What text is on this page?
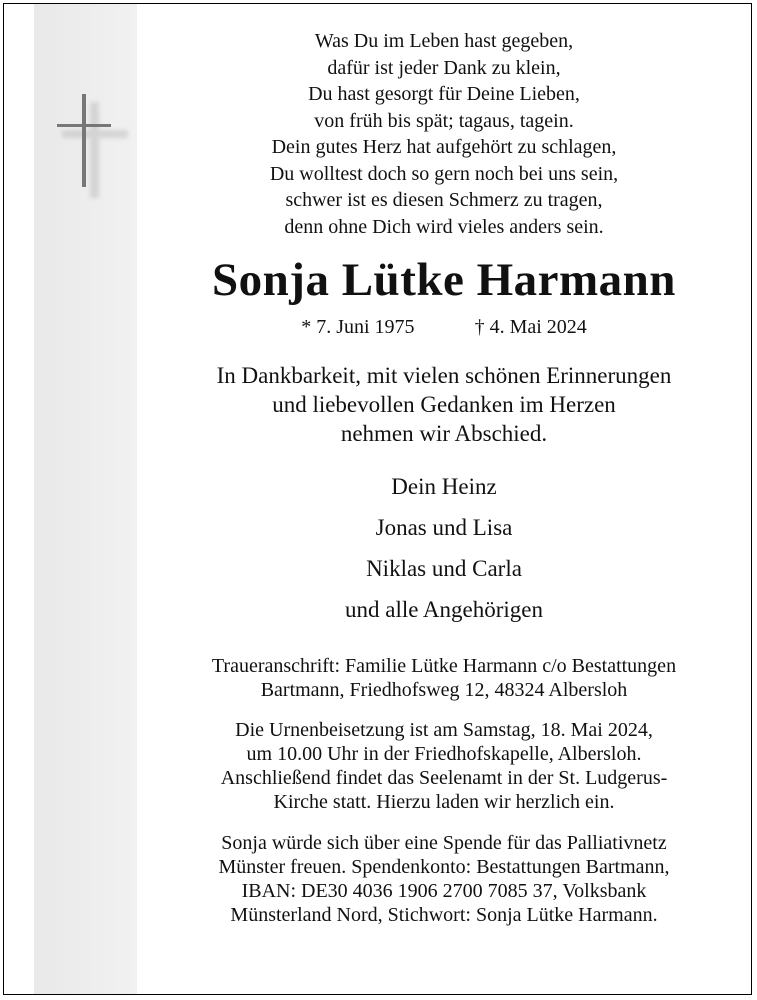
Was Du im Leben hast gegeben,
dafür ist jeder Dank zu klein,
Du hast gesorgt für Deine Lieben,
von früh bis spät; tagaus, tagein.
Dein gutes Herz hat aufgehört zu schlagen,
Du wolltest doch so gern noch bei uns sein,
schwer ist es diesen Schmerz zu tragen,
denn ohne Dich wird vieles anders sein.
Sonja Lütke Harmann
* 7. Juni 1975	† 4. Mai 2024
In Dankbarkeit, mit vielen schönen Erinnerungen
und liebevollen Gedanken im Herzen
nehmen wir Abschied.
Dein Heinz
Jonas und Lisa
Niklas und Carla
und alle Angehörigen
Traueranschrift: Familie Lütke Harmann c/o Bestattungen
Bartmann, Friedhofsweg 12, 48324 Albersloh
Die Urnenbeisetzung ist am Samstag, 18. Mai 2024,
um 10.00 Uhr in der Friedhofskapelle, Albersloh.
Anschließend findet das Seelenamt in der St. Ludgerus-
Kirche statt. Hierzu laden wir herzlich ein.
Sonja würde sich über eine Spende für das Palliativnetz
Münster freuen. Spendenkonto: Bestattungen Bartmann,
IBAN: DE30 4036 1906 2700 7085 37, Volksbank
Münsterland Nord, Stichwort: Sonja Lütke Harmann.
